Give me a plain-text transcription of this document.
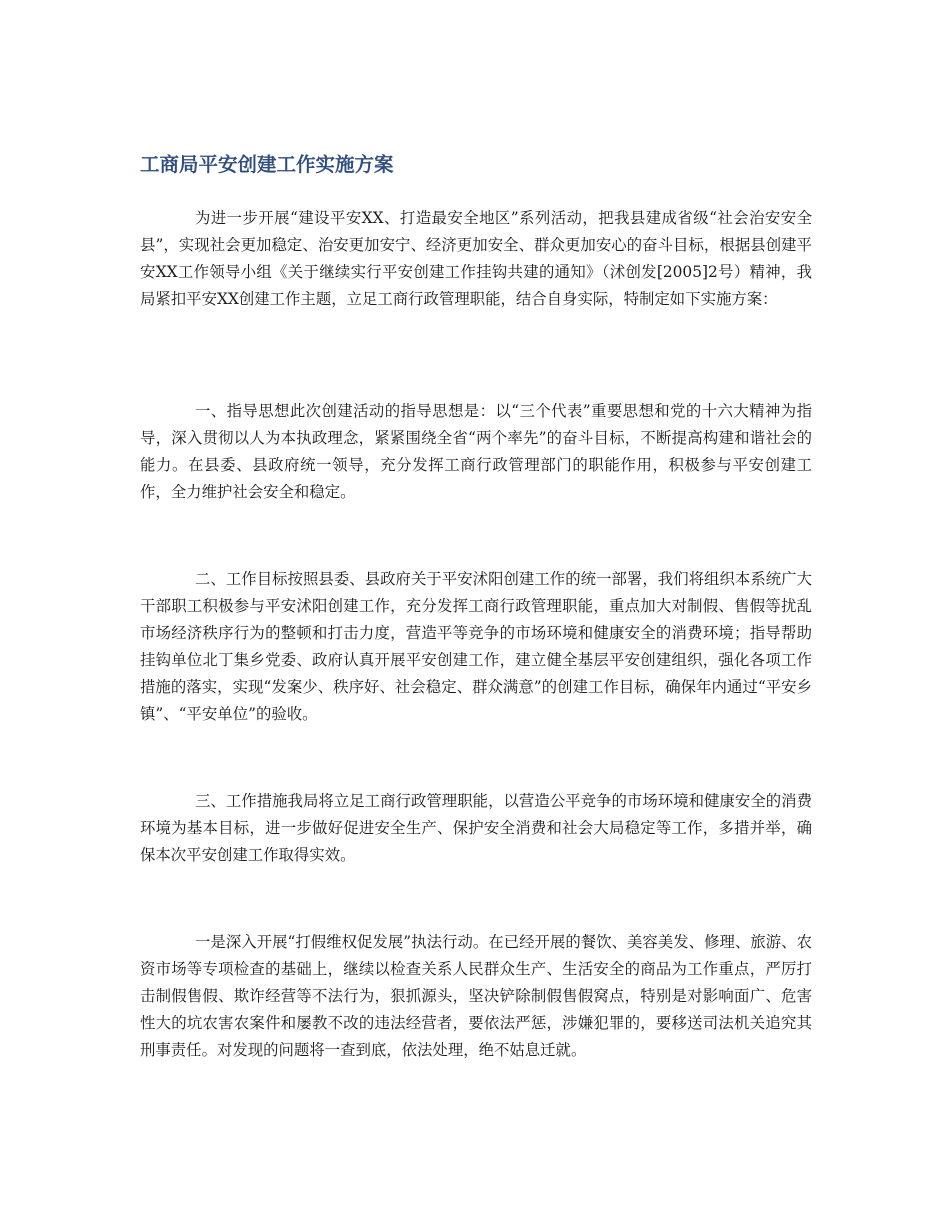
工商局平安创建工作实施方案

为进一步开展“建设平安XX、打造最安全地区”系列活动，把我县建成省级“社会治安安全县”，实现社会更加稳定、治安更加安宁、经济更加安全、群众更加安心的奋斗目标，根据县创建平安XX工作领导小组《关于继续实行平安创建工作挂钩共建的通知》（沭创发[2005]2号）精神，我局紧扣平安XX创建工作主题，立足工商行政管理职能，结合自身实际，特制定如下实施方案：

一、指导思想此次创建活动的指导思想是：以“三个代表”重要思想和党的十六大精神为指导，深入贯彻以人为本执政理念，紧紧围绕全省“两个率先”的奋斗目标，不断提高构建和谐社会的能力。在县委、县政府统一领导，充分发挥工商行政管理部门的职能作用，积极参与平安创建工作，全力维护社会安全和稳定。

二、工作目标按照县委、县政府关于平安沭阳创建工作的统一部署，我们将组织本系统广大干部职工积极参与平安沭阳创建工作，充分发挥工商行政管理职能，重点加大对制假、售假等扰乱市场经济秩序行为的整顿和打击力度，营造平等竞争的市场环境和健康安全的消费环境；指导帮助挂钩单位北丁集乡党委、政府认真开展平安创建工作，建立健全基层平安创建组织，强化各项工作措施的落实，实现“发案少、秩序好、社会稳定、群众满意”的创建工作目标，确保年内通过“平安乡镇”、“平安单位”的验收。

三、工作措施我局将立足工商行政管理职能，以营造公平竞争的市场环境和健康安全的消费环境为基本目标，进一步做好促进安全生产、保护安全消费和社会大局稳定等工作，多措并举，确保本次平安创建工作取得实效。

一是深入开展“打假维权促发展”执法行动。在已经开展的餐饮、美容美发、修理、旅游、农资市场等专项检查的基础上，继续以检查关系人民群众生产、生活安全的商品为工作重点，严厉打击制假售假、欺诈经营等不法行为，狠抓源头，坚决铲除制假售假窝点，特别是对影响面广、危害性大的坑农害农案件和屡教不改的违法经营者，要依法严惩，涉嫌犯罪的，要移送司法机关追究其刑事责任。对发现的问题将一查到底，依法处理，绝不姑息迁就。
